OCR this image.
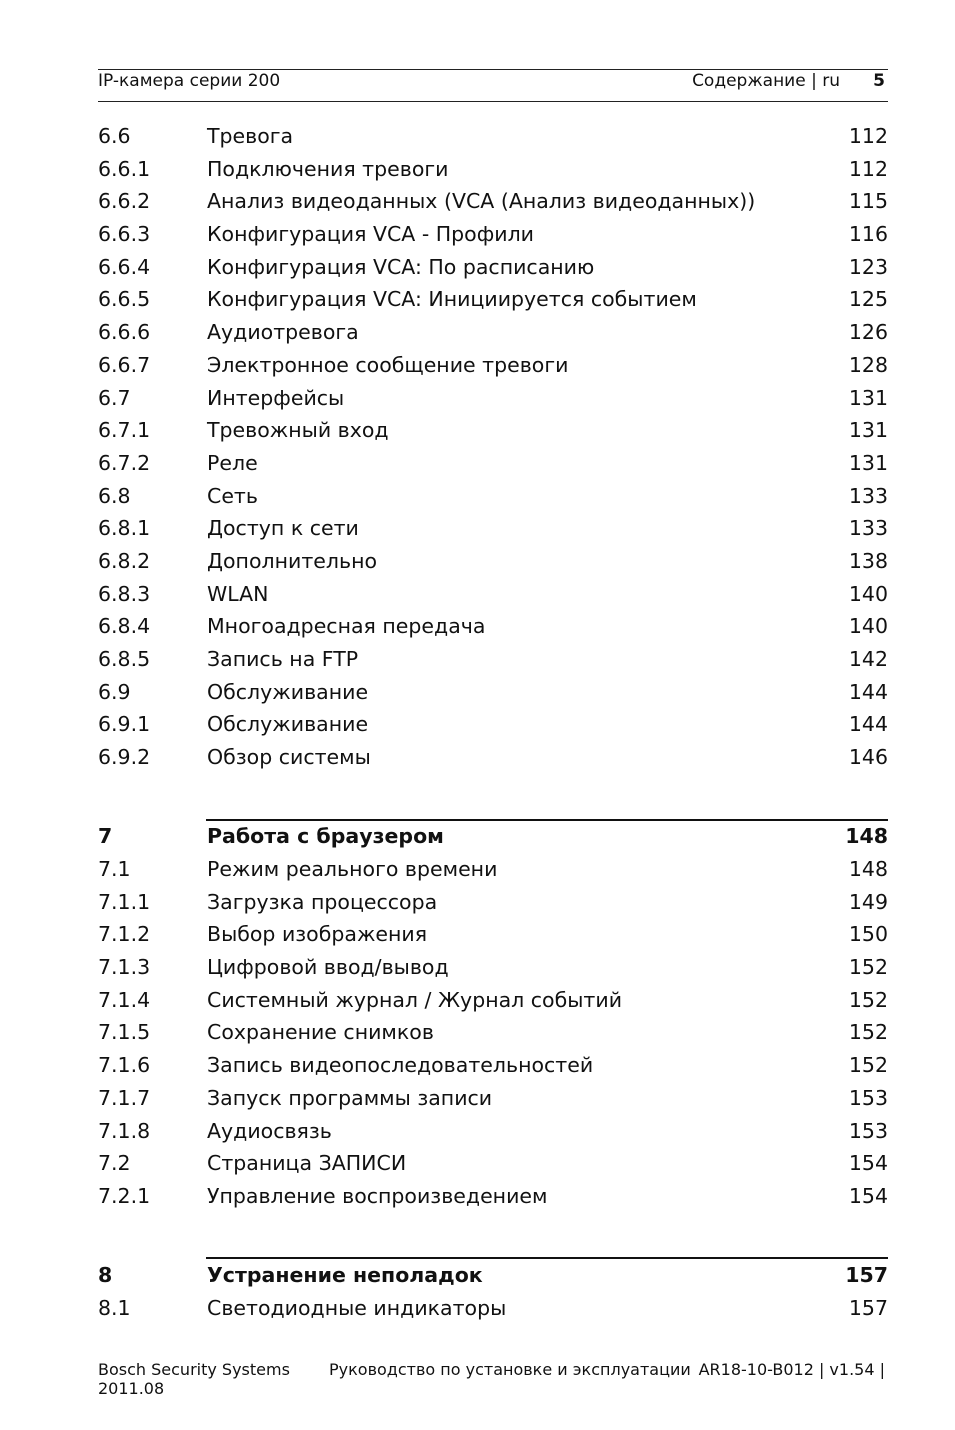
IP-камера серии 200	Содержание | ru 5
6.6	Тревога	112
6.6.1	Подключения тревоги	112
6.6.2	Анализ видеоданных (VCA (Анализ видеоданных))	115
6.6.3	Конфигурация VCA - Профили	116
6.6.4	Конфигурация VCA: По расписанию	123
6.6.5	Конфигурация VCA: Инициируется событием	125
6.6.6	Аудиотревога	126
6.6.7	Электронное сообщение тревоги	128
6.7	Интерфейсы	131
6.7.1	Тревожный вход	131
6.7.2	Реле	131
6.8	Сеть	133
6.8.1	Доступ к сети	133
6.8.2	Дополнительно	138
6.8.3	WLAN	140
6.8.4	Многоадресная передача	140
6.8.5	Запись на FTP	142
6.9	Обслуживание	144
6.9.1	Обслуживание	144
6.9.2	Обзор системы	146
7	Работа с браузером	148
7.1	Режим реального времени	148
7.1.1	Загрузка процессора	149
7.1.2	Выбор изображения	150
7.1.3	Цифровой ввод/вывод	152
7.1.4	Системный журнал / Журнал событий	152
7.1.5	Сохранение снимков	152
7.1.6	Запись видеопоследовательностей	152
7.1.7	Запуск программы записи	153
7.1.8	Аудиосвязь	153
7.2	Страница ЗАПИСИ	154
7.2.1	Управление воспроизведением	154
8	Устранение неполадок	157
8.1	Светодиодные индикаторы	157
Bosch Security Systems
2011.08
Руководство по установке и эксплуатации AR18-10-B012 | v1.54 |
